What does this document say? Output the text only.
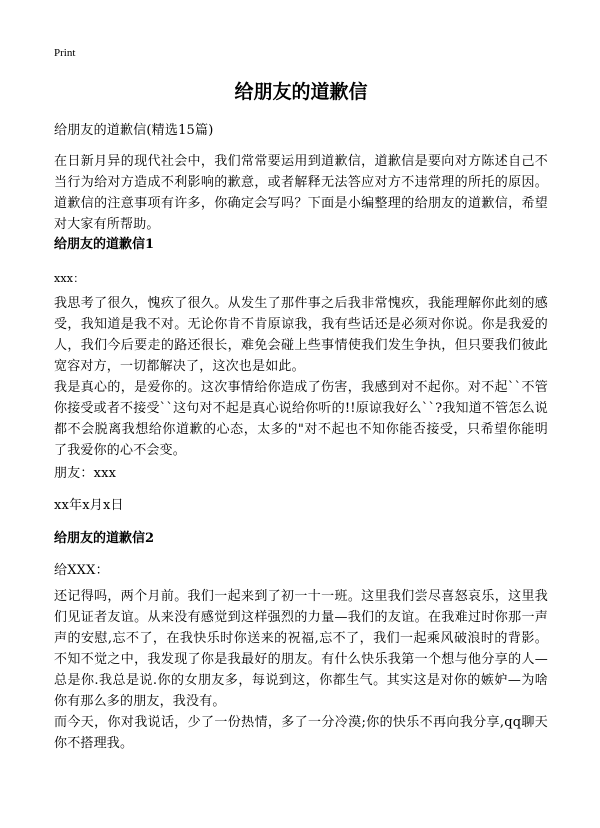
Print
给朋友的道歉信
给朋友的道歉信(精选15篇)
在日新月异的现代社会中，我们常常要运用到道歉信，道歉信是要向对方陈述自己不当行为给对方造成不利影响的歉意，或者解释无法答应对方不违常理的所托的原因。道歉信的注意事项有许多，你确定会写吗？下面是小编整理的给朋友的道歉信，希望对大家有所帮助。
给朋友的道歉信1
xxx：
我思考了很久，愧疚了很久。从发生了那件事之后我非常愧疚，我能理解你此刻的感受，我知道是我不对。无论你肯不肯原谅我，我有些话还是必须对你说。你是我爱的人，我们今后要走的路还很长，难免会碰上些事情使我们发生争执，但只要我们彼此宽容对方，一切都解决了，这次也是如此。
我是真心的，是爱你的。这次事情给你造成了伤害，我感到对不起你。对不起``不管你接受或者不接受``这句对不起是真心说给你听的!!原谅我好么``?我知道不管怎么说都不会脱离我想给你道歉的心态，太多的"对不起也不知你能否接受，只希望你能明了我爱你的心不会变。
朋友：xxx
xx年x月x日
给朋友的道歉信2
给XXX：
还记得吗，两个月前。我们一起来到了初一十一班。这里我们尝尽喜怒哀乐，这里我们见证者友谊。从来没有感觉到这样强烈的力量—我们的友谊。在我难过时你那一声声的安慰,忘不了，在我快乐时你送来的祝福,忘不了，我们一起乘风破浪时的背影。不知不觉之中，我发现了你是我最好的朋友。有什么快乐我第一个想与他分享的人—总是你.我总是说.你的女朋友多，每说到这，你都生气。其实这是对你的嫉妒—为啥你有那么多的朋友，我没有。
而今天，你对我说话，少了一份热情，多了一分冷漠;你的快乐不再向我分享,qq聊天你不搭理我。
